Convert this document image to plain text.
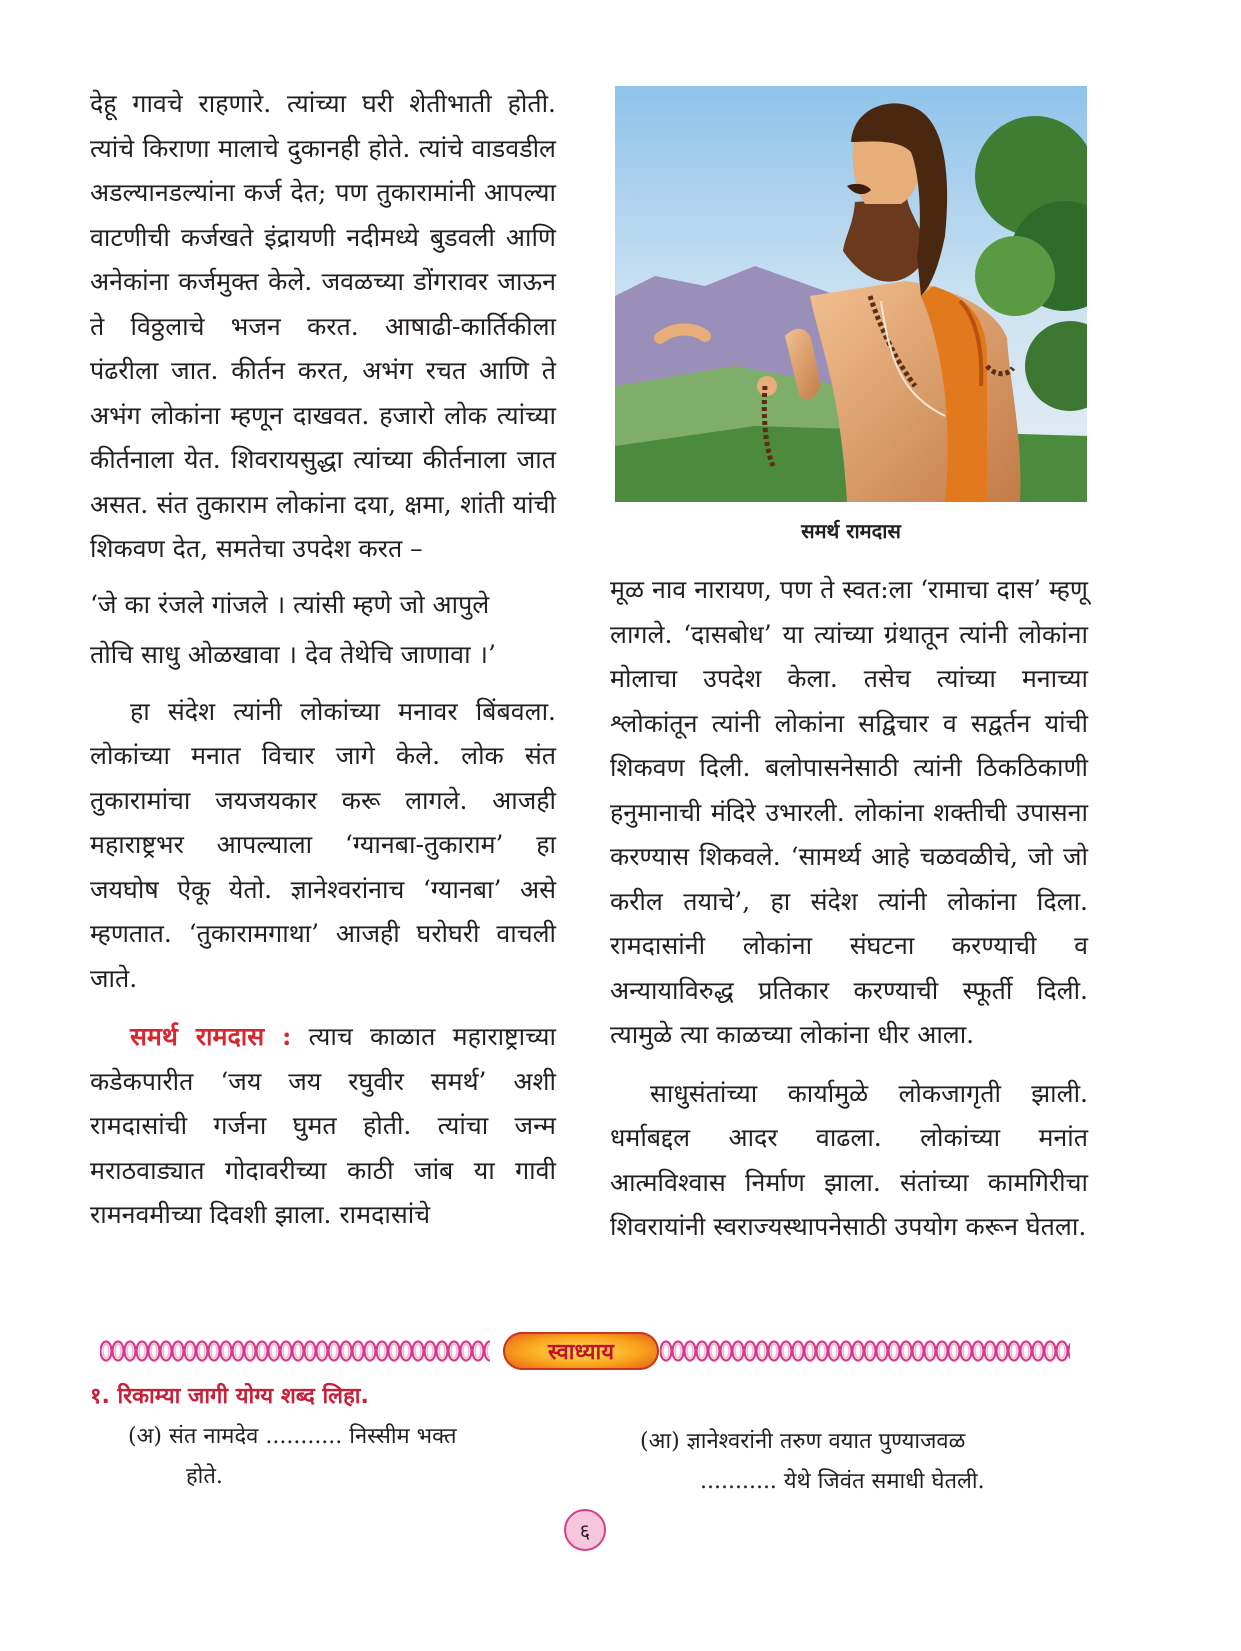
देहू गावचे राहणारे. त्यांच्या घरी शेतीभाती होती. त्यांचे किराणा मालाचे दुकानही होते. त्यांचे वाडवडील अडल्यानडल्यांना कर्ज देत; पण तुकारामांनी आपल्या वाटणीची कर्जखते इंद्रायणी नदीमध्ये बुडवली आणि अनेकांना कर्जमुक्त केले. जवळच्या डोंगरावर जाऊन ते विठ्ठलाचे भजन करत. आषाढी-कार्तिकीला पंढरीला जात. कीर्तन करत, अभंग रचत आणि ते अभंग लोकांना म्हणून दाखवत. हजारो लोक त्यांच्या कीर्तनाला येत. शिवरायसुद्धा त्यांच्या कीर्तनाला जात असत. संत तुकाराम लोकांना दया, क्षमा, शांती यांची शिकवण देत, समतेचा उपदेश करत –

‘जे का रंजले गांजले । त्यांसी म्हणे जो आपुले
तोचि साधु ओळखावा । देव तेथेचि जाणावा ।’

हा संदेश त्यांनी लोकांच्या मनावर बिंबवला. लोकांच्या मनात विचार जागे केले. लोक संत तुकारामांचा जयजयकार करू लागले. आजही महाराष्ट्रभर आपल्याला ‘ग्यानबा-तुकाराम’ हा जयघोष ऐकू येतो. ज्ञानेश्वरांनाच ‘ग्यानबा’ असे म्हणतात. ‘तुकारामगाथा’ आजही घरोघरी वाचली जाते.

समर्थ रामदास : त्याच काळात महाराष्ट्राच्या कडेकपारीत ‘जय जय रघुवीर समर्थ’ अशी रामदासांची गर्जना घुमत होती. त्यांचा जन्म मराठवाड्यात गोदावरीच्या काठी जांब या गावी रामनवमीच्या दिवशी झाला. रामदासांचे

समर्थ रामदास

मूळ नाव नारायण, पण ते स्वत:ला ‘रामाचा दास’ म्हणू लागले. ‘दासबोध’ या त्यांच्या ग्रंथातून त्यांनी लोकांना मोलाचा उपदेश केला. तसेच त्यांच्या मनाच्या श्लोकांतून त्यांनी लोकांना सद्विचार व सद्वर्तन यांची शिकवण दिली. बलोपासनेसाठी त्यांनी ठिकठिकाणी हनुमानाची मंदिरे उभारली. लोकांना शक्तीची उपासना करण्यास शिकवले. ‘सामर्थ्य आहे चळवळीचे, जो जो करील तयाचे’, हा संदेश त्यांनी लोकांना दिला. रामदासांनी लोकांना संघटना करण्याची व अन्यायाविरुद्ध प्रतिकार करण्याची स्फूर्ती दिली. त्यामुळे त्या काळच्या लोकांना धीर आला.

साधुसंतांच्या कार्यामुळे लोकजागृती झाली. धर्माबद्दल आदर वाढला. लोकांच्या मनांत आत्मविश्वास निर्माण झाला. संतांच्या कामगिरीचा शिवरायांनी स्वराज्यस्थापनेसाठी उपयोग करून घेतला.

स्वाध्याय

१. रिकाम्या जागी योग्य शब्द लिहा.

(अ) संत नामदेव ........... निस्सीम भक्त
होते.

(आ) ज्ञानेश्वरांनी तरुण वयात पुण्याजवळ
........... येथे जिवंत समाधी घेतली.

६
